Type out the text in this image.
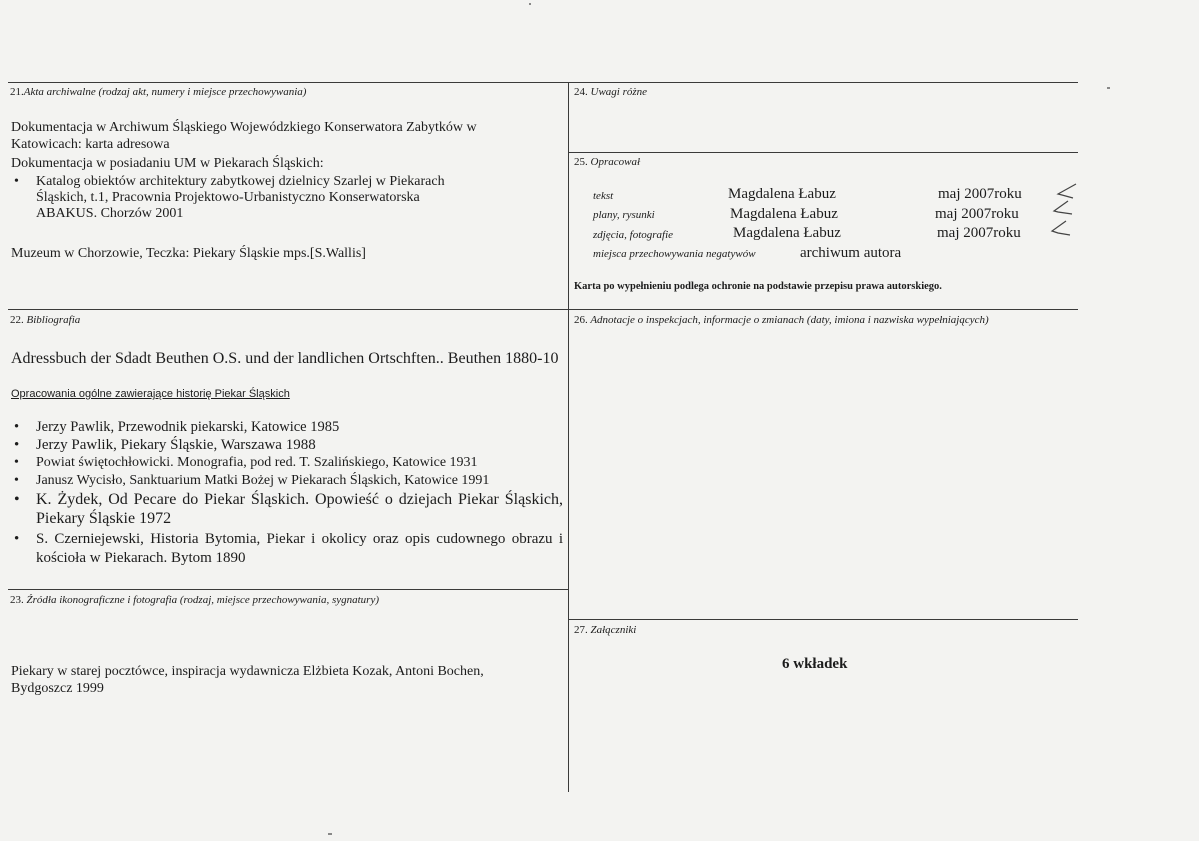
21.Akta archiwalne (rodzaj akt, numery i miejsce przechowywania)
Dokumentacja w Archiwum Śląskiego Wojewódzkiego Konserwatora Zabytków w
Katowicach: karta adresowa
Dokumentacja w posiadaniu UM w Piekarach Śląskich:
• Katalog obiektów architektury zabytkowej dzielnicy Szarlej w Piekarach
Śląskich, t.1, Pracownia Projektowo-Urbanistyczno Konserwatorska
ABAKUS. Chorzów 2001
Muzeum w Chorzowie, Teczka: Piekary Śląskie mps.[S.Wallis]
22. Bibliografia
Adressbuch der Sdadt Beuthen O.S. und der landlichen Ortschften.. Beuthen 1880-10
Opracowania ogólne zawierające historię Piekar Śląskich
• Jerzy Pawlik, Przewodnik piekarski, Katowice 1985
• Jerzy Pawlik, Piekary Śląskie, Warszawa 1988
• Powiat świętochłowicki. Monografia, pod red. T. Szalińskiego, Katowice 1931
• Janusz Wycisło, Sanktuarium Matki Bożej w Piekarach Śląskich, Katowice 1991
• K. Żydek, Od Pecare do Piekar Śląskich. Opowieść o dziejach Piekar Śląskich, Piekary Śląskie 1972
• S. Czerniejewski, Historia Bytomia, Piekar i okolicy oraz opis cudownego obrazu i kościoła w Piekarach. Bytom 1890
23. Źródła ikonograficzne i fotografia (rodzaj, miejsce przechowywania, sygnatury)
Piekary w starej pocztówce, inspiracja wydawnicza Elżbieta Kozak, Antoni Bochen,
Bydgoszcz 1999
24. Uwagi różne
25. Opracował
tekst	Magdalena Łabuz	maj 2007roku
plany, rysunki	Magdalena Łabuz	maj 2007roku
zdjęcia, fotografie	Magdalena Łabuz	maj 2007roku
miejsca przechowywania negatywów	archiwum autora
Karta po wypełnieniu podlega ochronie na podstawie przepisu prawa autorskiego.
26. Adnotacje o inspekcjach, informacje o zmianach (daty, imiona i nazwiska wypełniających)
27. Załączniki
6 wkładek
